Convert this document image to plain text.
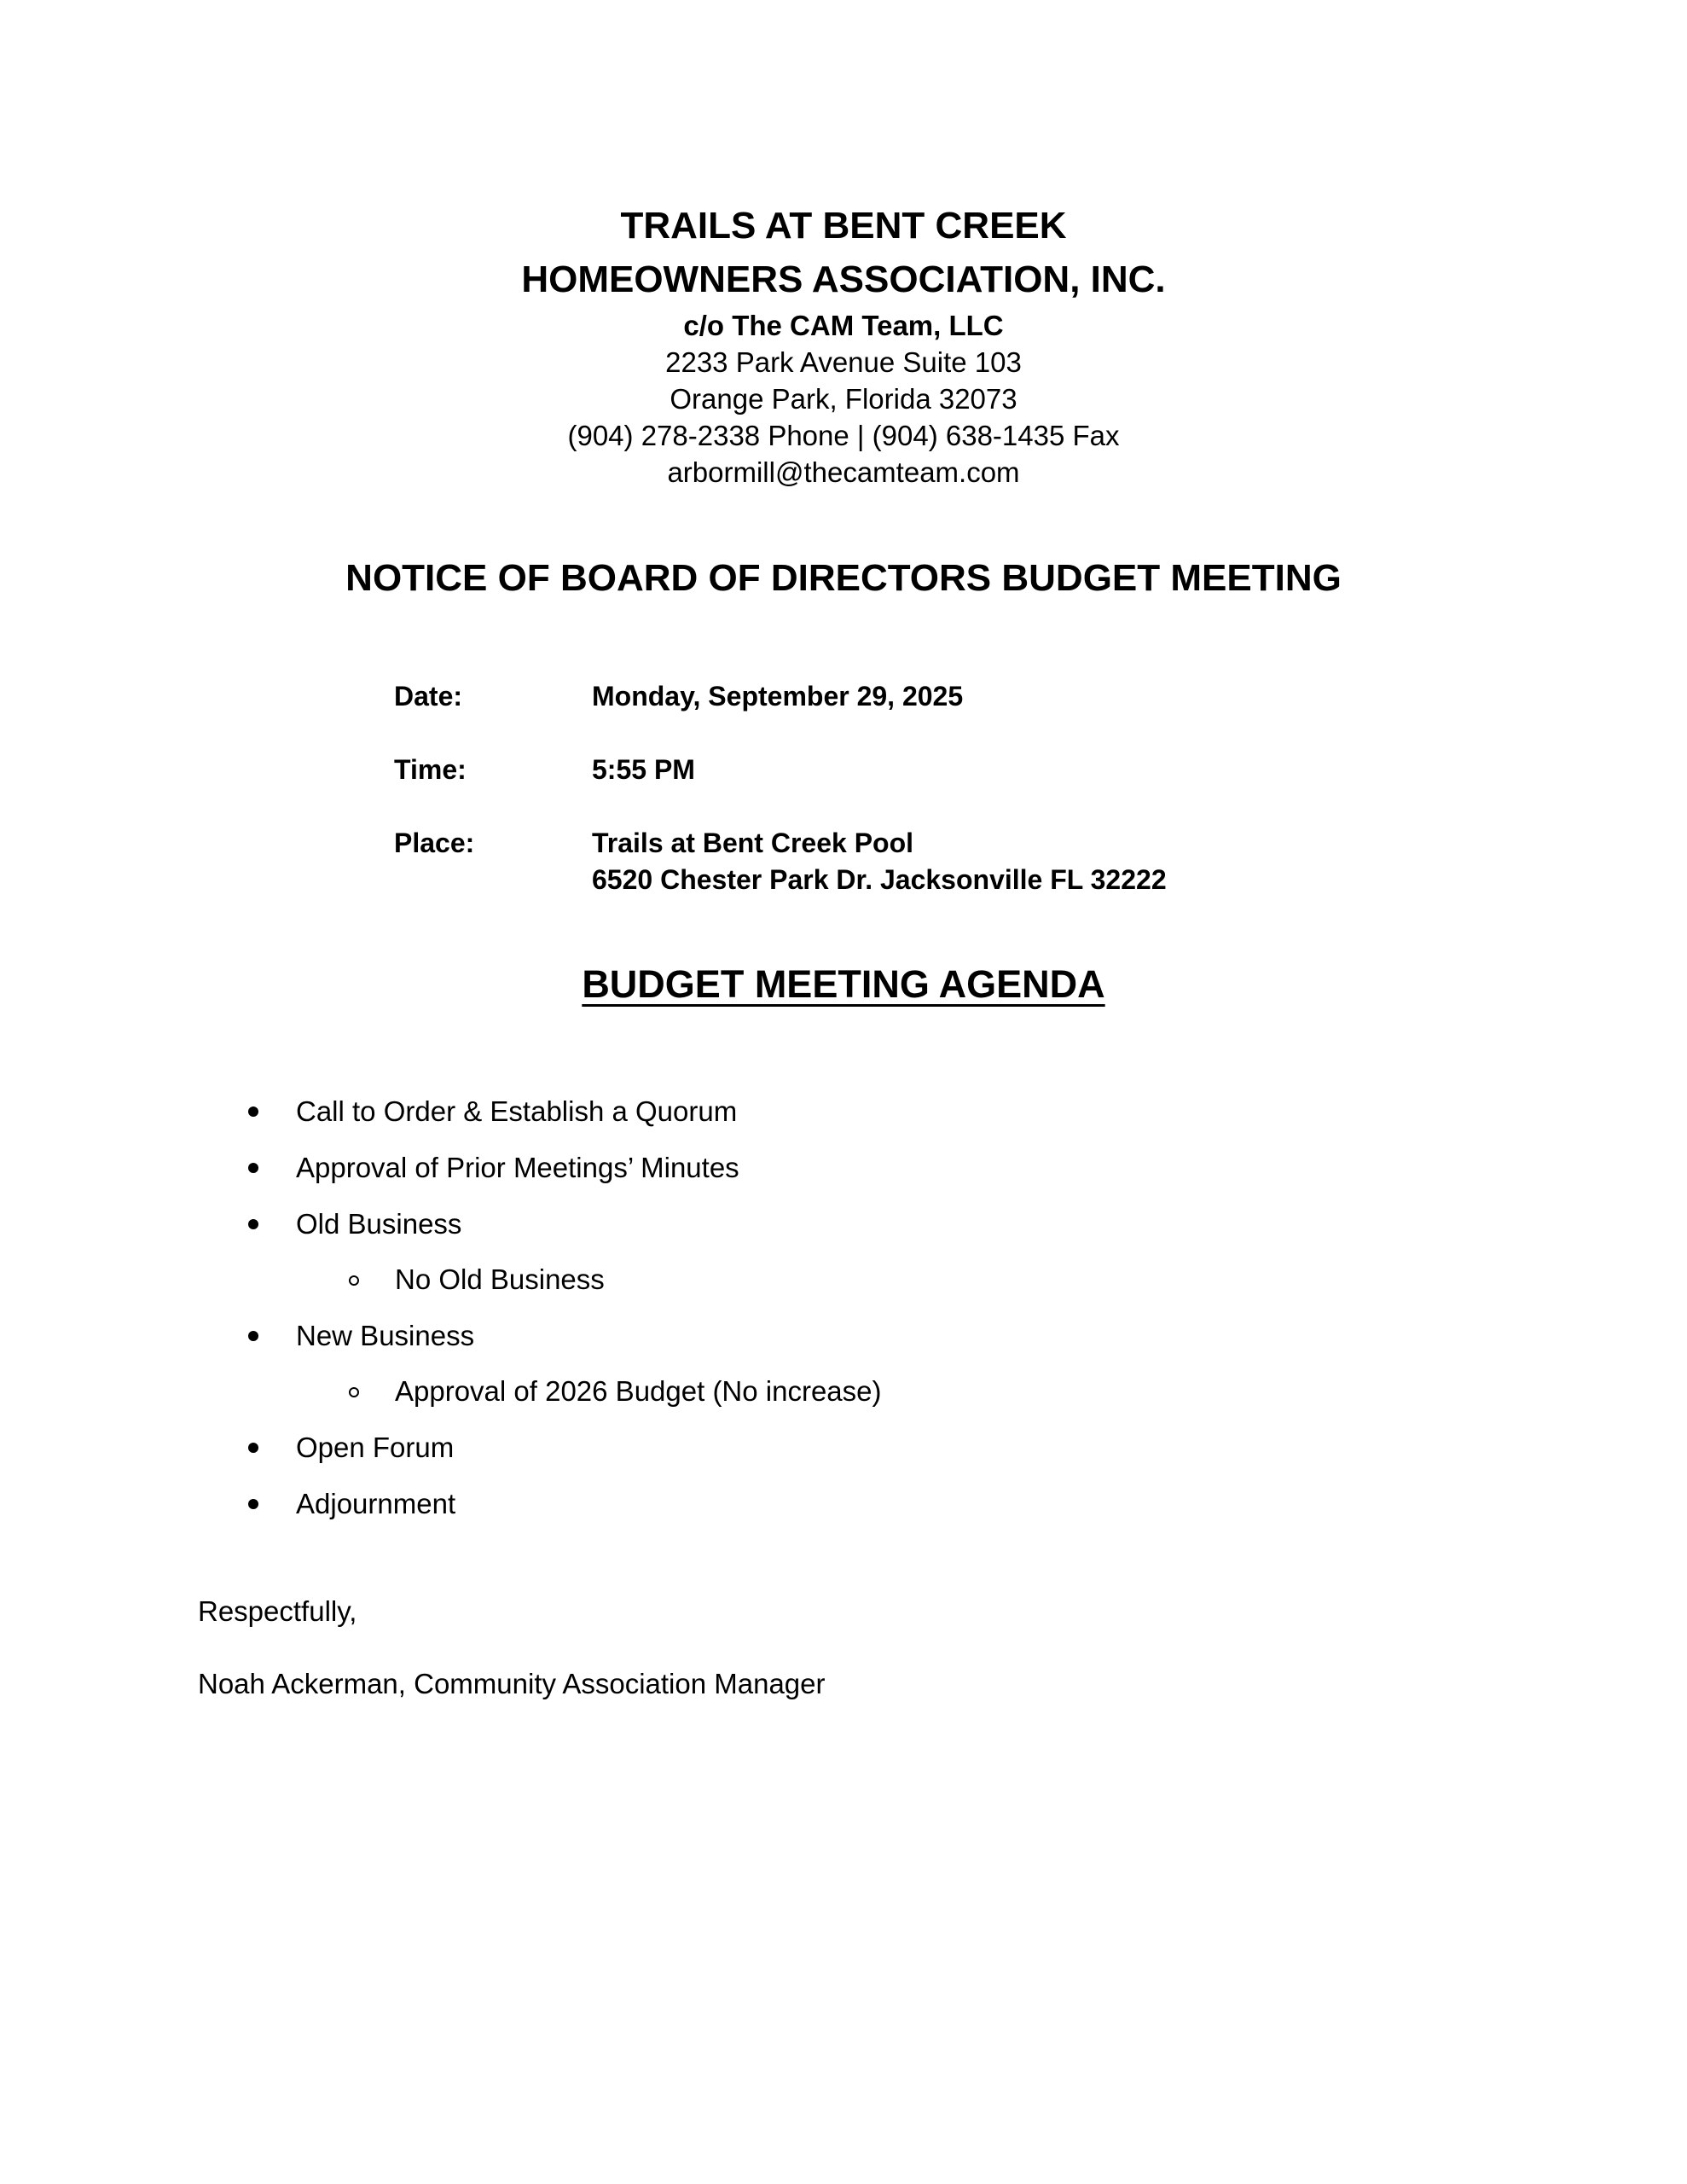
TRAILS AT BENT CREEK
HOMEOWNERS ASSOCIATION, INC.
c/o The CAM Team, LLC
2233 Park Avenue Suite 103
Orange Park, Florida 32073
(904) 278-2338 Phone | (904) 638-1435 Fax
arbormill@thecamteam.com
NOTICE OF BOARD OF DIRECTORS BUDGET MEETING
Date:	Monday, September 29, 2025
Time:	5:55 PM
Place:	Trails at Bent Creek Pool
6520 Chester Park Dr. Jacksonville FL 32222
BUDGET MEETING AGENDA
Call to Order & Establish a Quorum
Approval of Prior Meetings’ Minutes
Old Business
No Old Business
New Business
Approval of 2026 Budget (No increase)
Open Forum
Adjournment
Respectfully,
Noah Ackerman, Community Association Manager
